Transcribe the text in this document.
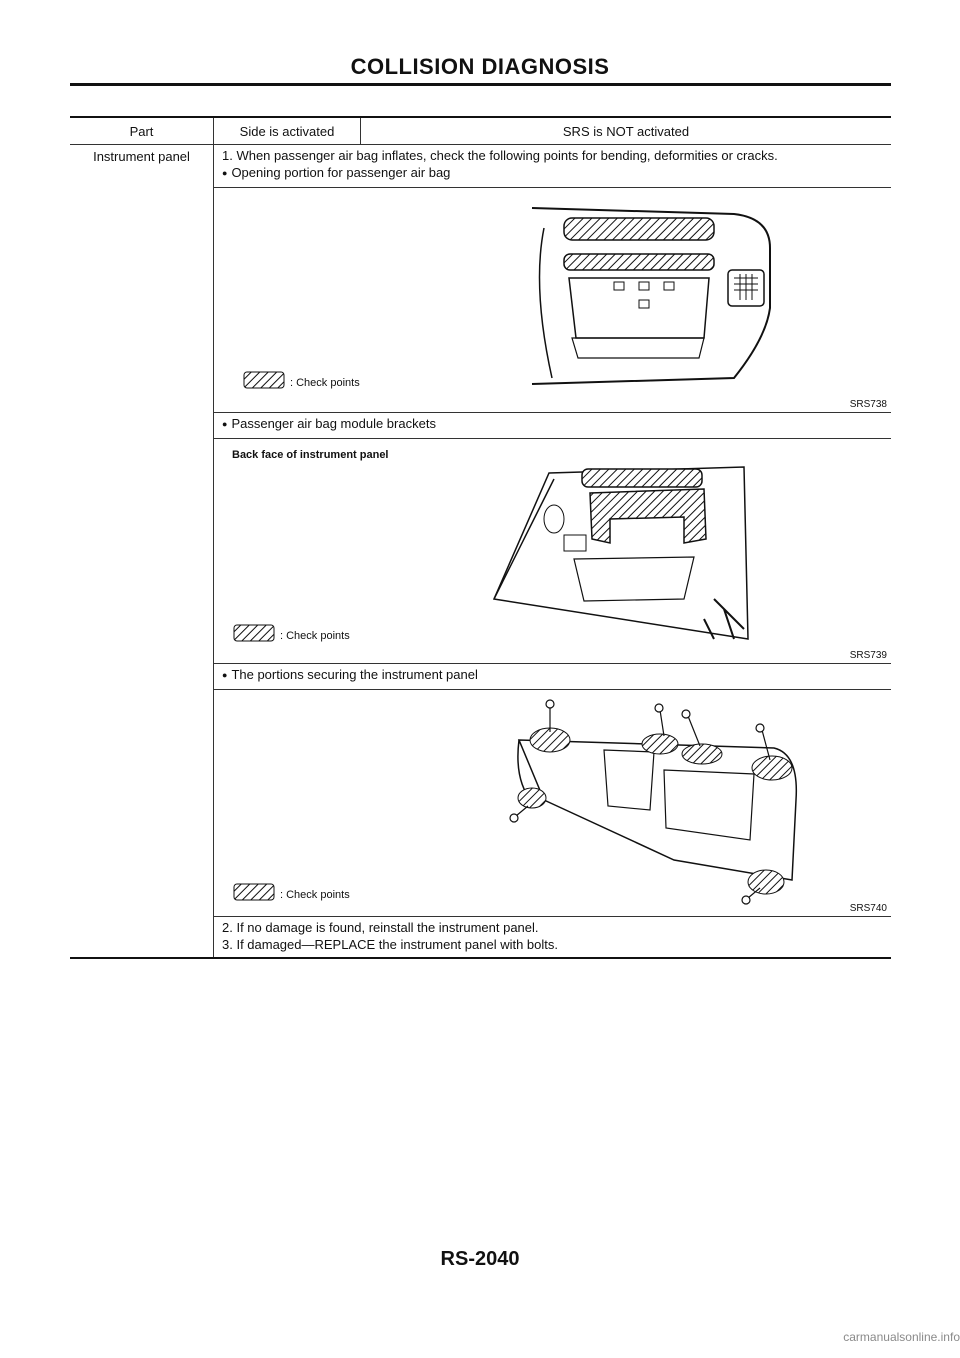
COLLISION DIAGNOSIS
Part	Side is activated	SRS is NOT activated
Instrument panel	1. When passenger air bag inflates, check the following points for bending, deformities or cracks.
● Opening portion for passenger air bag
: Check points
SRS738
● Passenger air bag module brackets
Back face of instrument panel
: Check points
SRS739
● The portions securing the instrument panel
: Check points
SRS740
2. If no damage is found, reinstall the instrument panel.
3. If damaged—REPLACE the instrument panel with bolts.
RS-2040
carmanualsonline.info
